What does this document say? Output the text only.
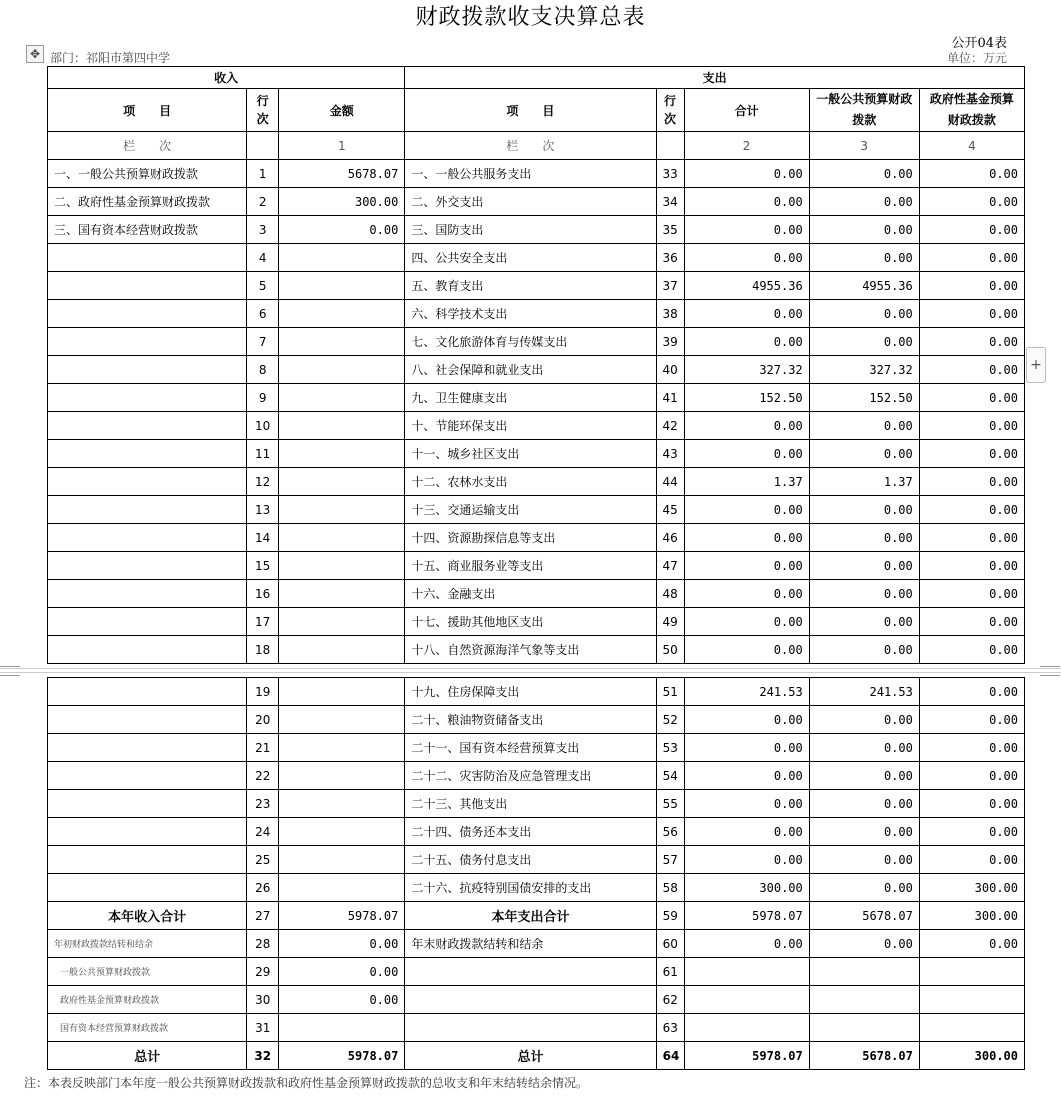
财政拨款收支决算总表
公开04表
单位：万元
✥ 部门：祁阳市第四中学
收入			支出				
项　　目	行次	金额	项　　目	行次	合计	一般公共预算财政拨款	政府性基金预算财政拨款
栏　　次		1	栏　　次		2	3	4
一、一般公共预算财政拨款	1	5678.07	一、一般公共服务支出	33	0.00	0.00	0.00
二、政府性基金预算财政拨款	2	300.00	二、外交支出	34	0.00	0.00	0.00
三、国有资本经营财政拨款	3	0.00	三、国防支出	35	0.00	0.00	0.00
	4		四、公共安全支出	36	0.00	0.00	0.00
	5		五、教育支出	37	4955.36	4955.36	0.00
	6		六、科学技术支出	38	0.00	0.00	0.00
	7		七、文化旅游体育与传媒支出	39	0.00	0.00	0.00
	8		八、社会保障和就业支出	40	327.32	327.32	0.00
	9		九、卫生健康支出	41	152.50	152.50	0.00
	10		十、节能环保支出	42	0.00	0.00	0.00
	11		十一、城乡社区支出	43	0.00	0.00	0.00
	12		十二、农林水支出	44	1.37	1.37	0.00
	13		十三、交通运输支出	45	0.00	0.00	0.00
	14		十四、资源勘探信息等支出	46	0.00	0.00	0.00
	15		十五、商业服务业等支出	47	0.00	0.00	0.00
	16		十六、金融支出	48	0.00	0.00	0.00
	17		十七、援助其他地区支出	49	0.00	0.00	0.00
	18		十八、自然资源海洋气象等支出	50	0.00	0.00	0.00
+
	19		十九、住房保障支出	51	241.53	241.53	0.00
	20		二十、粮油物资储备支出	52	0.00	0.00	0.00
	21		二十一、国有资本经营预算支出	53	0.00	0.00	0.00
	22		二十二、灾害防治及应急管理支出	54	0.00	0.00	0.00
	23		二十三、其他支出	55	0.00	0.00	0.00
	24		二十四、债务还本支出	56	0.00	0.00	0.00
	25		二十五、债务付息支出	57	0.00	0.00	0.00
	26		二十六、抗疫特别国债安排的支出	58	300.00	0.00	300.00
本年收入合计	27	5978.07	本年支出合计	59	5978.07	5678.07	300.00
年初财政拨款结转和结余	28	0.00	年末财政拨款结转和结余	60	0.00	0.00	0.00
一般公共预算财政拨款	29	0.00		61			
政府性基金预算财政拨款	30	0.00		62			
国有资本经营预算财政拨款	31			63			
总计	32	5978.07	总计	64	5978.07	5678.07	300.00
注：本表反映部门本年度一般公共预算财政拨款和政府性基金预算财政拨款的总收支和年末结转结余情况。
